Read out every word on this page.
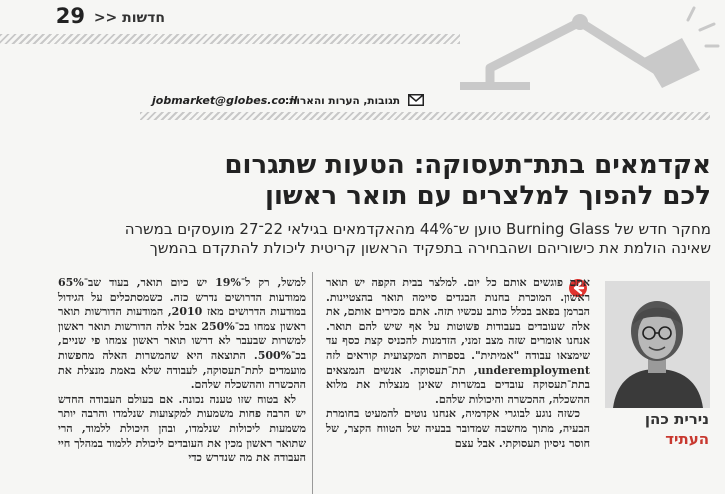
חדשות <<
29
jobmarket@globes.co.il
תגובות, הערות והארות:
אקדמאים בתת־תעסוקה: הטעות שתגרום
לכם להפוך למלצרים עם תואר ראשון
מחקר חדש של Burning Glass טוען ש־44% מהאקדמאים בגילאי 22־27 מועסקים במשרה
שאינה הולמת את כישוריהם ושהבחירה בתפקיד הראשון קריטית ליכולת להתקדם בהמשך
נירית כהן
העתיד

אתם פוגשים אותם כל יום. למלצר בבית הקפה יש תואר ראשון. המוכרת בחנות הבגדים סיימה תואר בהצטיינות. הברמן בפאב בכלל כותב עכשיו תזה. אתם מכירים אותם, את אלה שעובדים בעבודות פשוטות על אף שיש להם תואר. אנחנו אומרים שזה מצב זמני, הזדמנות להכניס קצת כסף עד שימצאו עבודה "אמיתית". בספרות המקצועית קוראים לזה underemployment, תת־תעסוקה. אנשים הנמצאים בתת־תעסוקה עובדים במשרות שאינן מנצלות את מלוא ההשכלה, ההכשרה והיכולות שלהם.

כשזה נוגע לבוגרי אקדמיה, אנחנו נוטים להמעיט בחומרת הבעיה, מתוך מחשבה שמדובר בבעיה של הטווח הקצר, של חוסר ניסיון תעסוקתי. אבל עצם

למשל, רק ל־19% יש כיום תואר, בעוד שב־65% ממודעות הדרושים נדרש כזה. כשמסתכלים על הגידול במודעות הדרושים מאז 2010, המודעות הדורשות תואר ראשון צמחו בכ־250% אבל אלה הדורשות תואר ראשון למשרות שבעבר לא דרשו תואר ראשון צמחו פי שניים, בכ־500%. התוצאה היא שהמשרות האלה מחפשות מועמדים לתת־תעסוקה, לעבודה שלא באמת מנצלת את ההכשרה וההשכלה שלהם.

לא בטוח שזו טענה נכונה. אם בעולם העבודה החדש יש הרבה פחות משמעות למקצועות שנלמדו והרבה יותר משמעות ליכולות שנלמדו, ובהן היכולת ללמוד, הרי שתואר ראשון מכין את העובדים ליכולת ללמוד במהלך חיי העבודה את מה שנדרש כדי
